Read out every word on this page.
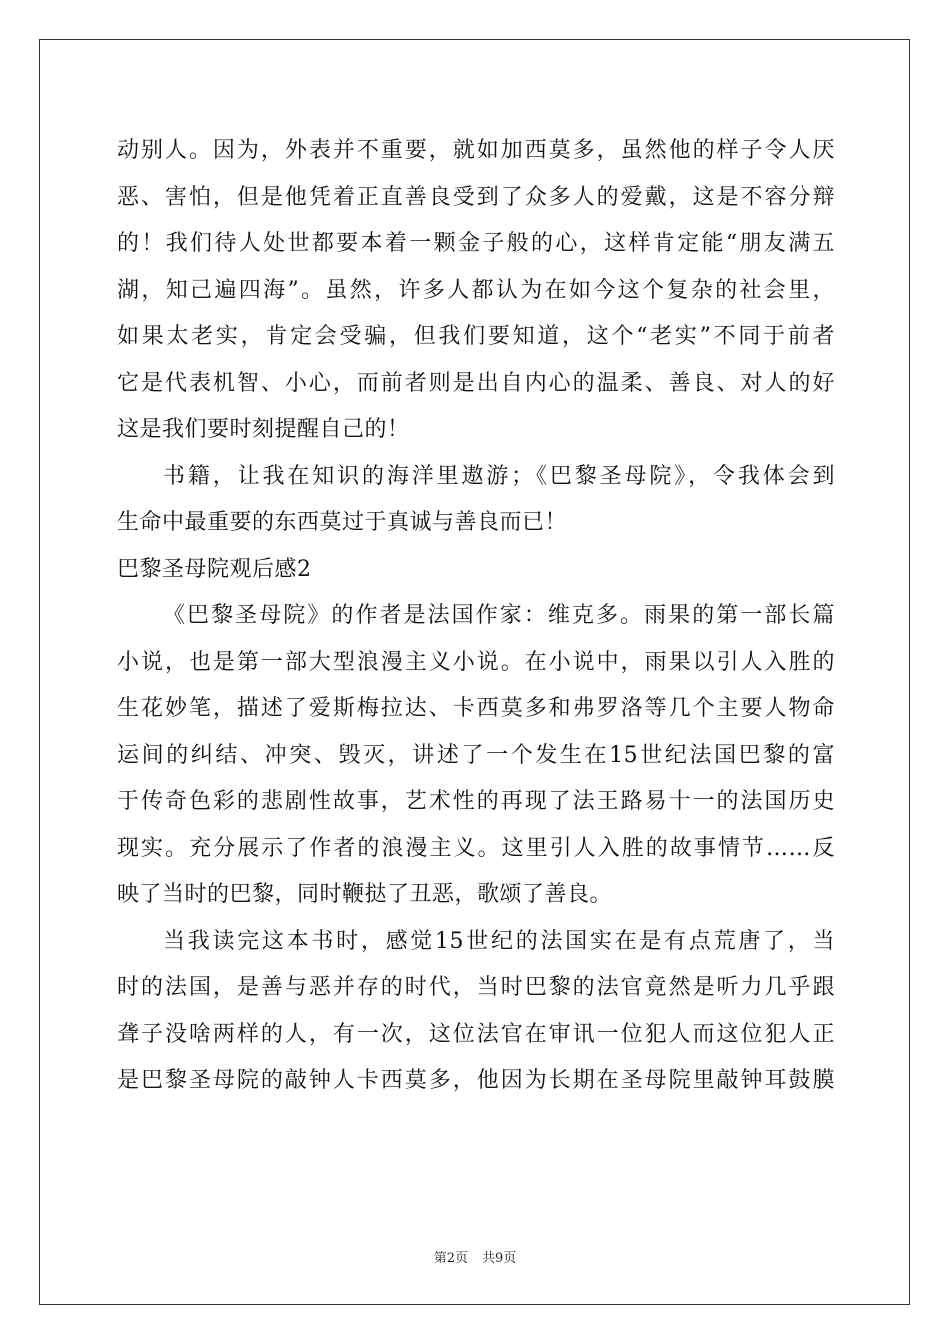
动别人。因为，外表并不重要，就如加西莫多，虽然他的样子令人厌
恶、害怕，但是他凭着正直善良受到了众多人的爱戴，这是不容分辩
的！我们待人处世都要本着一颗金子般的心，这样肯定能“朋友满五
湖，知己遍四海”。虽然，许多人都认为在如今这个复杂的社会里，
如果太老实，肯定会受骗，但我们要知道，这个“老实”不同于前者
它是代表机智、小心，而前者则是出自内心的温柔、善良、对人的好
这是我们要时刻提醒自己的！
书籍，让我在知识的海洋里遨游；《巴黎圣母院》，令我体会到
生命中最重要的东西莫过于真诚与善良而已！
巴黎圣母院观后感2
《巴黎圣母院》的作者是法国作家：维克多。雨果的第一部长篇
小说，也是第一部大型浪漫主义小说。在小说中，雨果以引人入胜的
生花妙笔，描述了爱斯梅拉达、卡西莫多和弗罗洛等几个主要人物命
运间的纠结、冲突、毁灭，讲述了一个发生在15世纪法国巴黎的富
于传奇色彩的悲剧性故事，艺术性的再现了法王路易十一的法国历史
现实。充分展示了作者的浪漫主义。这里引人入胜的故事情节……反
映了当时的巴黎，同时鞭挞了丑恶，歌颂了善良。
当我读完这本书时，感觉15世纪的法国实在是有点荒唐了，当
时的法国，是善与恶并存的时代，当时巴黎的法官竟然是听力几乎跟
聋子没啥两样的人，有一次，这位法官在审讯一位犯人而这位犯人正
是巴黎圣母院的敲钟人卡西莫多，他因为长期在圣母院里敲钟耳鼓膜
第2页 共9页
